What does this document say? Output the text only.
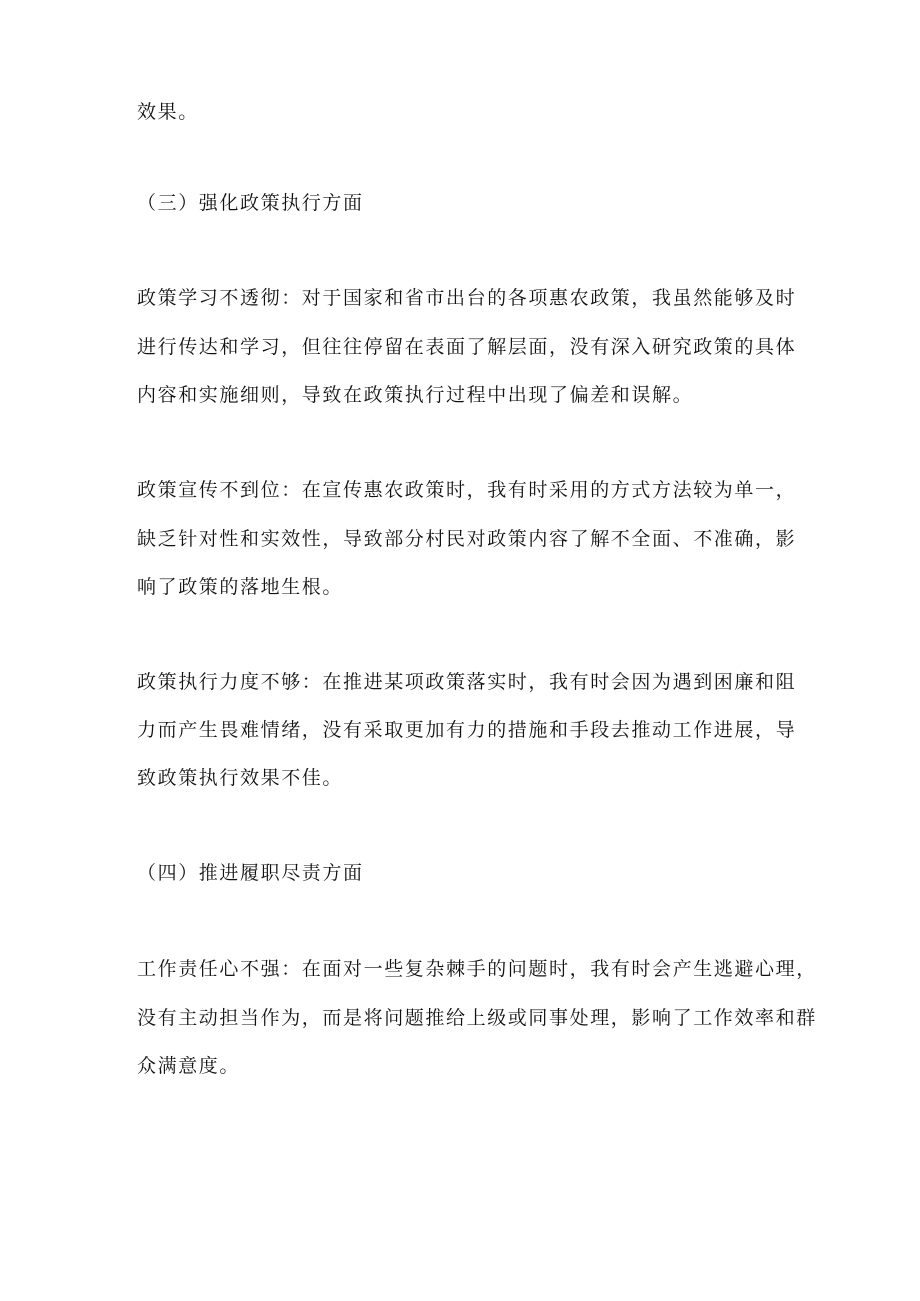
效果。
（三）强化政策执行方面
政策学习不透彻：对于国家和省市出台的各项惠农政策，我虽然能够及时
进行传达和学习，但往往停留在表面了解层面，没有深入研究政策的具体
内容和实施细则，导致在政策执行过程中出现了偏差和误解。
政策宣传不到位：在宣传惠农政策时，我有时采用的方式方法较为单一，
缺乏针对性和实效性，导致部分村民对政策内容了解不全面、不准确，影
响了政策的落地生根。
政策执行力度不够：在推进某项政策落实时，我有时会因为遇到困廉和阻
力而产生畏难情绪，没有采取更加有力的措施和手段去推动工作进展，导
致政策执行效果不佳。
（四）推进履职尽责方面
工作责任心不强：在面对一些复杂棘手的问题时，我有时会产生逃避心理，
没有主动担当作为，而是将问题推给上级或同事处理，影响了工作效率和群
众满意度。
